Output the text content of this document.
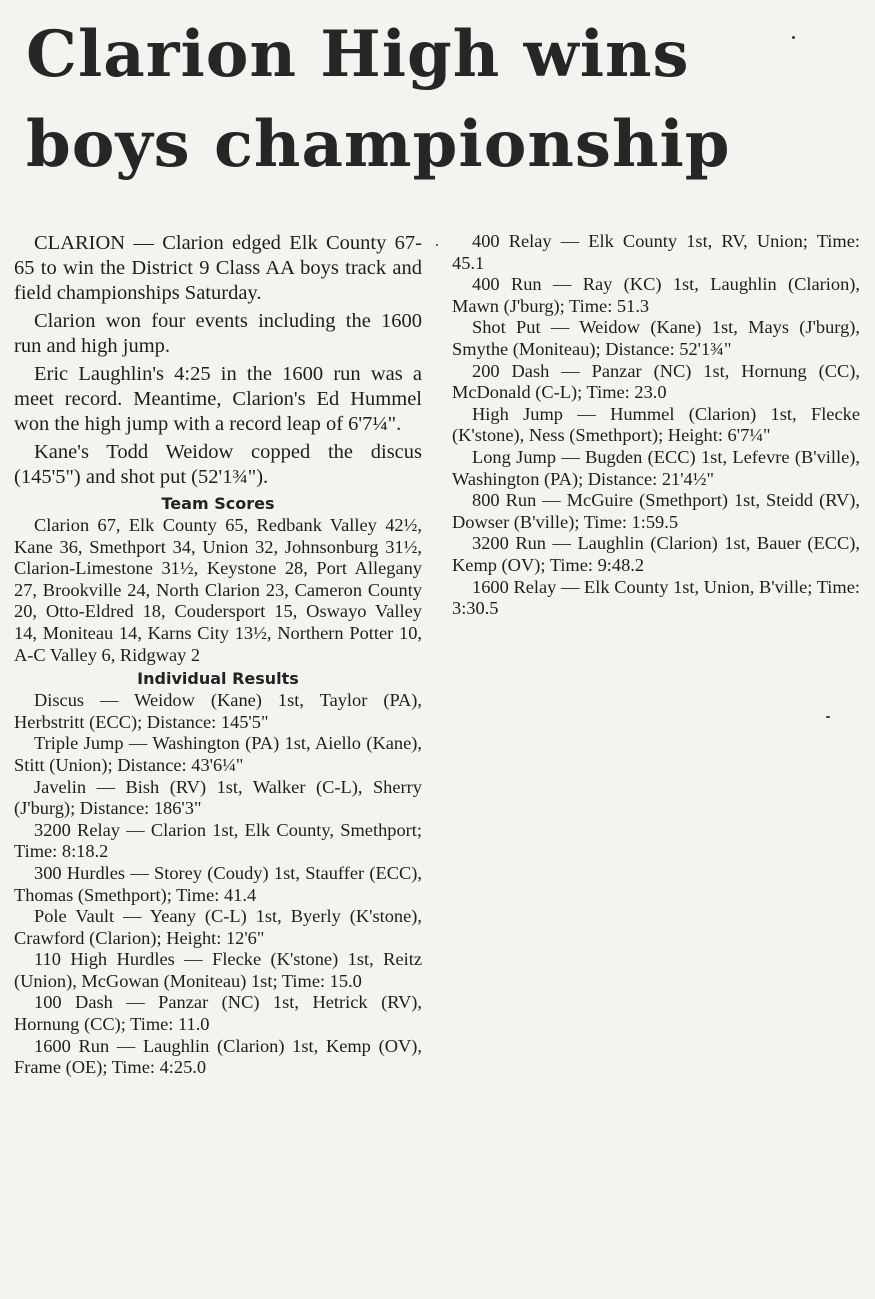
Clarion High wins
boys championship

CLARION — Clarion edged Elk County 67-65 to win the District 9 Class AA boys track and field championships Saturday.

Clarion won four events including the 1600 run and high jump.

Eric Laughlin's 4:25 in the 1600 run was a meet record. Meantime, Clarion's Ed Hummel won the high jump with a record leap of 6'7¼".

Kane's Todd Weidow copped the discus (145'5") and shot put (52'1¾").

Team Scores

Clarion 67, Elk County 65, Redbank Valley 42½, Kane 36, Smethport 34, Union 32, Johnsonburg 31½, Clarion-Limestone 31½, Keystone 28, Port Allegany 27, Brookville 24, North Clarion 23, Cameron County 20, Otto-Eldred 18, Coudersport 15, Oswayo Valley 14, Moniteau 14, Karns City 13½, Northern Potter 10, A-C Valley 6, Ridgway 2

Individual Results

Discus — Weidow (Kane) 1st, Taylor (PA), Herbstritt (ECC); Distance: 145'5"

Triple Jump — Washington (PA) 1st, Aiello (Kane), Stitt (Union); Distance: 43'6¼"

Javelin — Bish (RV) 1st, Walker (C-L), Sherry (J'burg); Distance: 186'3"

3200 Relay — Clarion 1st, Elk County, Smethport; Time: 8:18.2

300 Hurdles — Storey (Coudy) 1st, Stauffer (ECC), Thomas (Smethport); Time: 41.4

Pole Vault — Yeany (C-L) 1st, Byerly (K'stone), Crawford (Clarion); Height: 12'6"

110 High Hurdles — Flecke (K'stone) 1st, Reitz (Union), McGowan (Moniteau) 1st; Time: 15.0

100 Dash — Panzar (NC) 1st, Hetrick (RV), Hornung (CC); Time: 11.0

1600 Run — Laughlin (Clarion) 1st, Kemp (OV), Frame (OE); Time: 4:25.0

400 Relay — Elk County 1st, RV, Union; Time: 45.1

400 Run — Ray (KC) 1st, Laughlin (Clarion), Mawn (J'burg); Time: 51.3

Shot Put — Weidow (Kane) 1st, Mays (J'burg), Smythe (Moniteau); Distance: 52'1¾"

200 Dash — Panzar (NC) 1st, Hornung (CC), McDonald (C-L); Time: 23.0

High Jump — Hummel (Clarion) 1st, Flecke (K'stone), Ness (Smethport); Height: 6'7¼"

Long Jump — Bugden (ECC) 1st, Lefevre (B'ville), Washington (PA); Distance: 21'4½"

800 Run — McGuire (Smethport) 1st, Steidd (RV), Dowser (B'ville); Time: 1:59.5

3200 Run — Laughlin (Clarion) 1st, Bauer (ECC), Kemp (OV); Time: 9:48.2

1600 Relay — Elk County 1st, Union, B'ville; Time: 3:30.5
